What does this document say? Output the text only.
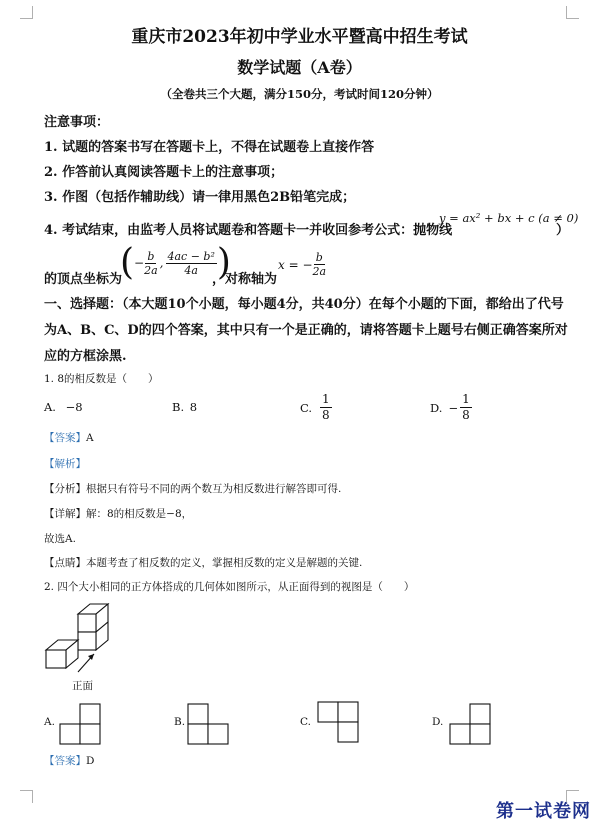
重庆市2023年初中学业水平暨高中招生考试
数学试题（A卷）
（全卷共三个大题，满分150分，考试时间120分钟）
注意事项：
1. 试题的答案书写在答题卡上，不得在试题卷上直接作答
2. 作答前认真阅读答题卡上的注意事项；
3. 作图（包括作辅助线）请一律用黑色2B铅笔完成；
4. 考试结束，由监考人员将试题卷和答题卡一并收回参考公式：抛物线
y = ax² + bx + c (a ≠ 0)
）
的顶点坐标为
( − $\frac{b}{2a}$ , $\frac{\text{4ac − b²}}{4a}$ )
，对称轴为
x = − $\frac{b}{2a}$
一、选择题：（本大题10个小题，每小题4分，共40分）在每个小题的下面，都给出了代号
为A、B、C、D的四个答案，其中只有一个是正确的，请将答题卡上题号右侧正确答案所对
应的方框涂黑.
1. 8的相反数是（　　）
A. −8	B. 8	C. $\frac{1}{8}$	D. − $\frac{1}{8}$
【答案】A
【解析】
【分析】根据只有符号不同的两个数互为相反数进行解答即可得.
【详解】解：8的相反数是−8，
故选A.
【点睛】本题考查了相反数的定义，掌握相反数的定义是解题的关键.
2. 四个大小相同的正方体搭成的几何体如图所示，从正面得到的视图是（　　）
正面
A.	B.	C.	D.
【答案】D
第一试卷网
